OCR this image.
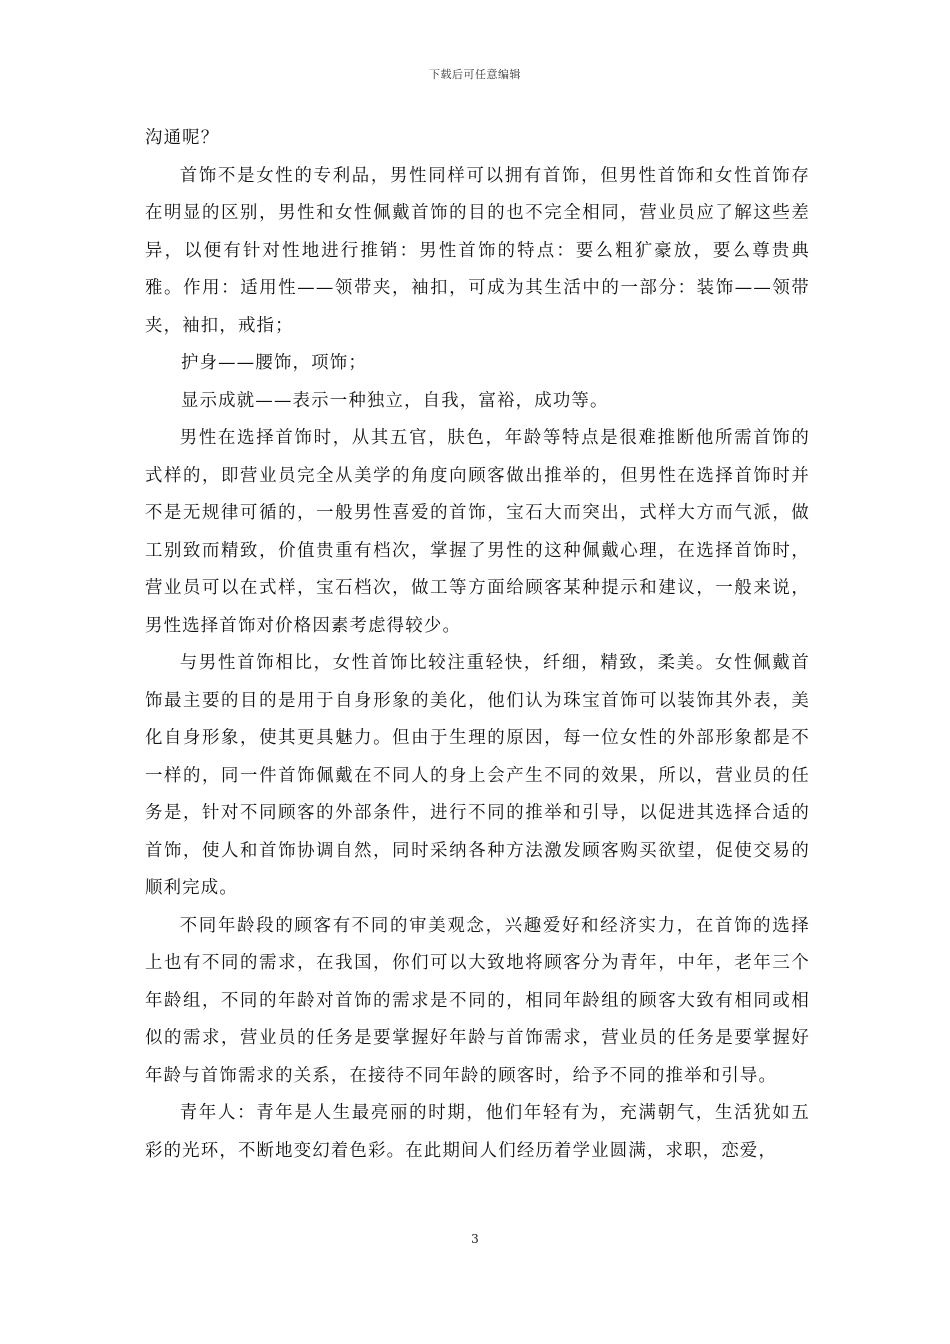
下载后可任意编辑

沟通呢？

首饰不是女性的专利品，男性同样可以拥有首饰，但男性首饰和女性首饰存在明显的区别，男性和女性佩戴首饰的目的也不完全相同，营业员应了解这些差异，以便有针对性地进行推销：男性首饰的特点：要么粗犷豪放，要么尊贵典雅。作用：适用性——领带夹，袖扣，可成为其生活中的一部分：装饰——领带夹，袖扣，戒指；

护身——腰饰，项饰；

显示成就——表示一种独立，自我，富裕，成功等。

男性在选择首饰时，从其五官，肤色，年龄等特点是很难推断他所需首饰的式样的，即营业员完全从美学的角度向顾客做出推举的，但男性在选择首饰时并不是无规律可循的，一般男性喜爱的首饰，宝石大而突出，式样大方而气派，做工别致而精致，价值贵重有档次，掌握了男性的这种佩戴心理，在选择首饰时，营业员可以在式样，宝石档次，做工等方面给顾客某种提示和建议，一般来说，男性选择首饰对价格因素考虑得较少。

与男性首饰相比，女性首饰比较注重轻快，纤细，精致，柔美。女性佩戴首饰最主要的目的是用于自身形象的美化，他们认为珠宝首饰可以装饰其外表，美化自身形象，使其更具魅力。但由于生理的原因，每一位女性的外部形象都是不一样的，同一件首饰佩戴在不同人的身上会产生不同的效果，所以，营业员的任务是，针对不同顾客的外部条件，进行不同的推举和引导，以促进其选择合适的首饰，使人和首饰协调自然，同时采纳各种方法激发顾客购买欲望，促使交易的顺利完成。

不同年龄段的顾客有不同的审美观念，兴趣爱好和经济实力，在首饰的选择上也有不同的需求，在我国，你们可以大致地将顾客分为青年，中年，老年三个年龄组，不同的年龄对首饰的需求是不同的，相同年龄组的顾客大致有相同或相似的需求，营业员的任务是要掌握好年龄与首饰需求，营业员的任务是要掌握好年龄与首饰需求的关系，在接待不同年龄的顾客时，给予不同的推举和引导。

青年人：青年是人生最亮丽的时期，他们年轻有为，充满朝气，生活犹如五彩的光环，不断地变幻着色彩。在此期间人们经历着学业圆满，求职，恋爱，

3
